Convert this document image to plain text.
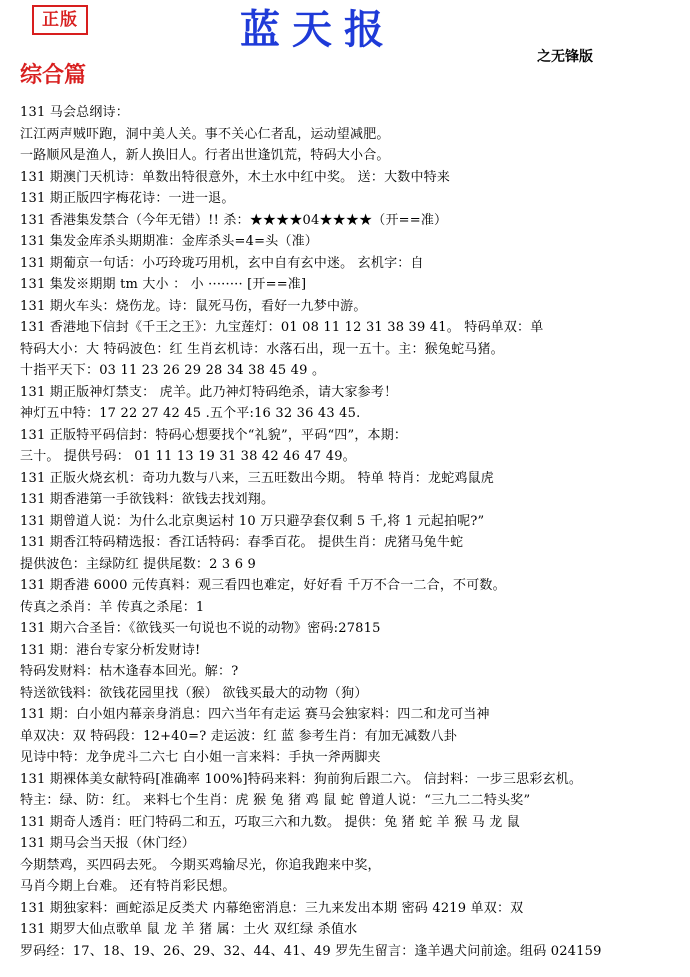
正版	蓝天报
之无锋版
综合篇
131 马会总纲诗：
江江两声贼吓跑，洞中美人关。事不关心仁者乱，运动望减肥。
一路顺风是渔人，新人换旧人。行者出世逢饥荒，特码大小合。
131 期澳门天机诗：单数出特很意外，木土水中红中奖。 送：大数中特来
131 期正版四字梅花诗：一进一退。
131 香港集发禁合（今年无错）!! 杀：★★★★04★★★★（开==准）
131 集发金库杀头期期准：金库杀头=4=头（准）
131 期葡京一句话：小巧玲珑巧用机，玄中自有玄中迷。 玄机字：自
131 集发※期期 tm 大小 ： 小 ········ [开==准]
131 期火车头：烧伤龙。诗：鼠死马伤，看好一九梦中游。
131 香港地下信封《千王之王》：九宝莲灯：01 08 11 12 31 38 39 41。 特码单双：单
特码大小：大 特码波色：红 生肖玄机诗：水落石出，现一五十。主：猴兔蛇马猪。
十指平天下：03 11 23 26 29 28 34 38 45 49 。
131 期正版神灯禁支： 虎羊。此乃神灯特码绝杀，请大家参考！
神灯五中特：17 22 27 42 45 .五个平:16 32 36 43 45.
131 正版特平码信封：特码心想要找个“礼貌”，平码“四”，本期：
三十。 提供号码： 01 11 13 19 31 38 42 46 47 49。
131 正版火烧玄机：奇功九数与八来，三五旺数出今期。 特单 特肖：龙蛇鸡鼠虎
131 期香港第一手欲钱料：欲钱去找刘翔。
131 期曾道人说：为什么北京奥运村 10 万只避孕套仅剩 5 千,将 1 元起拍呢?”
131 期香江特码精选报：香江话特码：春季百花。 提供生肖：虎猪马兔牛蛇
提供波色：主绿防红 提供尾数：2 3 6 9
131 期香港 6000 元传真料：观三看四也难定，好好看 千万不合一二合，不可数。
传真之杀肖：羊 传真之杀尾：1
131 期六合圣旨：《欲钱买一句说也不说的动物》密码:27815
131 期：港台专家分析发财诗!
特码发财料：枯木逢春本回光。解：?
特送欲钱料：欲钱花园里找（猴） 欲钱买最大的动物（狗）
131 期：白小姐内幕亲身消息：四六当年有走运 赛马会独家料：四二和龙可当神
单双决：双 特码段：12+40=? 走运波：红 蓝 参考生肖：有加无减数八卦
见诗中特：龙争虎斗二六七 白小姐一言来料：手执一斧两脚夹
131 期裸体美女献特码[准确率 100%]特码来料：狗前狗后跟二六。 信封料：一步三思彩玄机。
特主：绿、防：红。 来料七个生肖：虎 猴 兔 猪 鸡 鼠 蛇 曾道人说：“三九二二特头奖”
131 期奇人透肖：旺门特码二和五，巧取三六和九数。 提供：兔 猪 蛇 羊 猴 马 龙 鼠
131 期马会当天报（休门经）
今期禁鸡，买四码去死。 今期买鸡输尽光，你追我跑来中奖，
马肖今期上台难。 还有特肖彩民想。
131 期独家料：画蛇添足反类犬 内幕绝密消息：三九来发出本期 密码 4219 单双：双
131 期罗大仙点歌单 鼠 龙 羊 猪 属：土火 双红绿 杀值水
罗码经：17、18、19、26、29、32、44、41、49 罗先生留言：逢羊遇犬问前途。组码 024159
